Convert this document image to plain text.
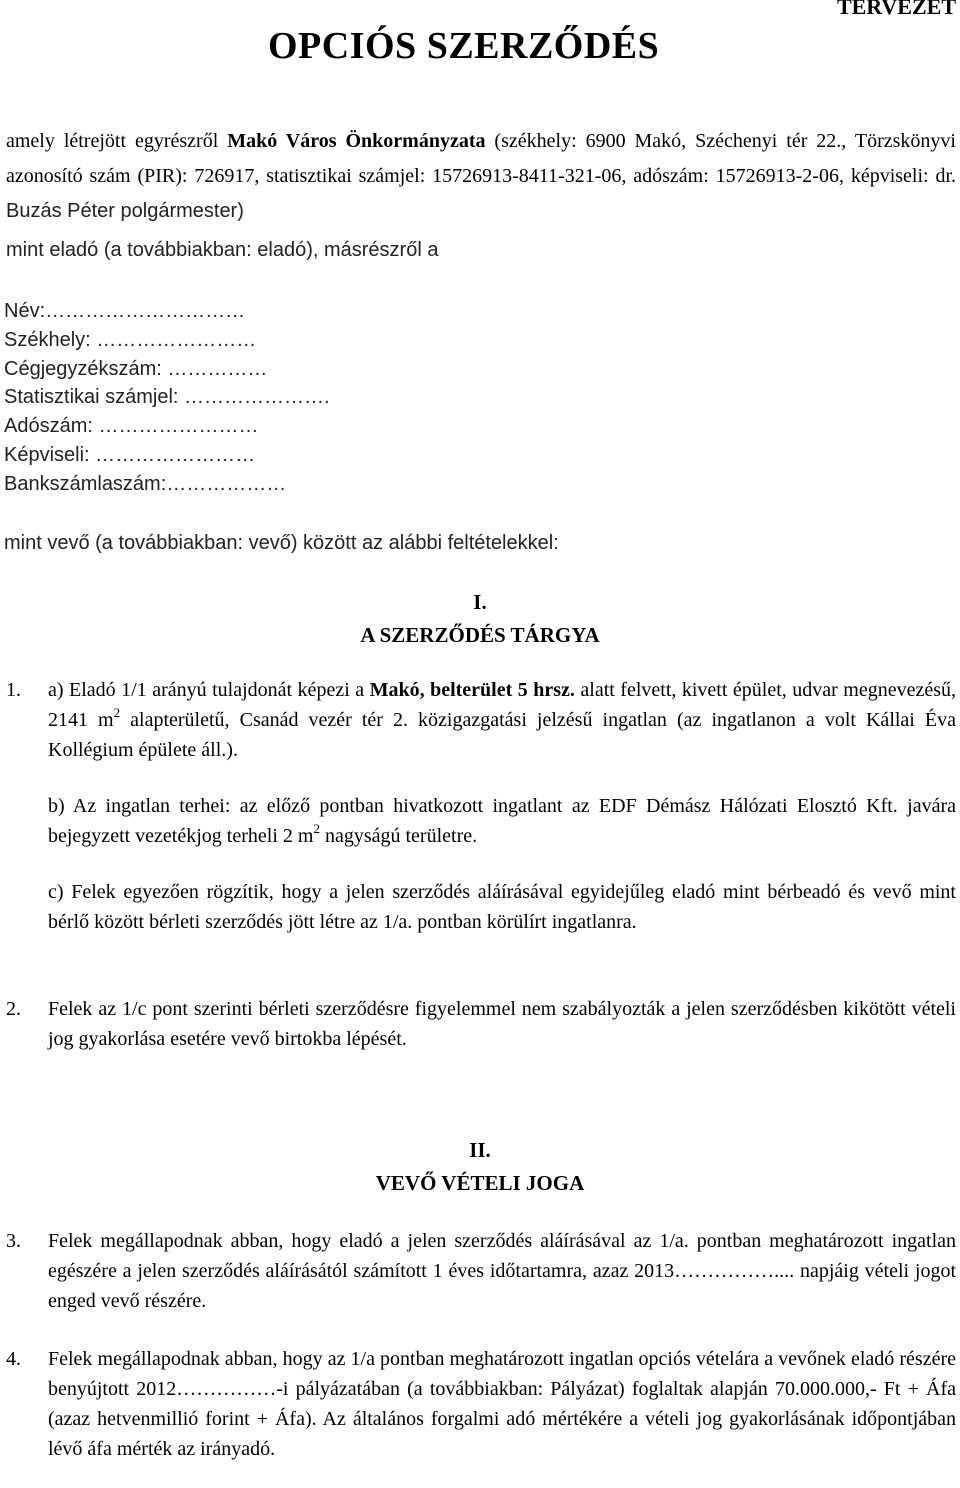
TERVEZET
OPCIÓS SZERZŐDÉS
amely létrejött egyrészről Makó Város Önkormányzata (székhely: 6900 Makó, Széchenyi tér 22., Törzskönyvi azonosító szám (PIR): 726917, statisztikai számjel: 15726913-8411-321-06, adószám: 15726913-2-06, képviseli: dr. Buzás Péter polgármester)
mint eladó (a továbbiakban: eladó), másrészről a
Név:…………………………
Székhely: ……………………
Cégjegyzékszám: ……………
Statisztikai számjel: ………………….
Adószám: ……………………
Képviseli: ……………………
Bankszámlaszám:………………
mint vevő (a továbbiakban: vevő) között az alábbi feltételekkel:
I.
A SZERZŐDÉS TÁRGYA
1. a) Eladó 1/1 arányú tulajdonát képezi a Makó, belterület 5 hrsz. alatt felvett, kivett épület, udvar megnevezésű, 2141 $m^2$ alapterületű, Csanád vezér tér 2. közigazgatási jelzésű ingatlan (az ingatlanon a volt Kállai Éva Kollégium épülete áll.).
b) Az ingatlan terhei: az előző pontban hivatkozott ingatlant az EDF Démász Hálózati Elosztó Kft. javára bejegyzett vezetékjog terheli 2 $m^2$ nagyságú területre.
c) Felek egyezően rögzítik, hogy a jelen szerződés aláírásával egyidejűleg eladó mint bérbeadó és vevő mint bérlő között bérleti szerződés jött létre az 1/a. pontban körülírt ingatlanra.
2. Felek az 1/c pont szerinti bérleti szerződésre figyelemmel nem szabályozták a jelen szerződésben kikötött vételi jog gyakorlása esetére vevő birtokba lépését.
II.
VEVŐ VÉTELI JOGA
3. Felek megállapodnak abban, hogy eladó a jelen szerződés aláírásával az 1/a. pontban meghatározott ingatlan egészére a jelen szerződés aláírásától számított 1 éves időtartamra, azaz 2013…………….... napjáig vételi jogot enged vevő részére.
4. Felek megállapodnak abban, hogy az 1/a pontban meghatározott ingatlan opciós vételára a vevőnek eladó részére benyújtott 2012……………-i pályázatában (a továbbiakban: Pályázat) foglaltak alapján 70.000.000,- Ft + Áfa (azaz hetvenmillió forint + Áfa). Az általános forgalmi adó mértékére a vételi jog gyakorlásának időpontjában lévő áfa mérték az irányadó.
